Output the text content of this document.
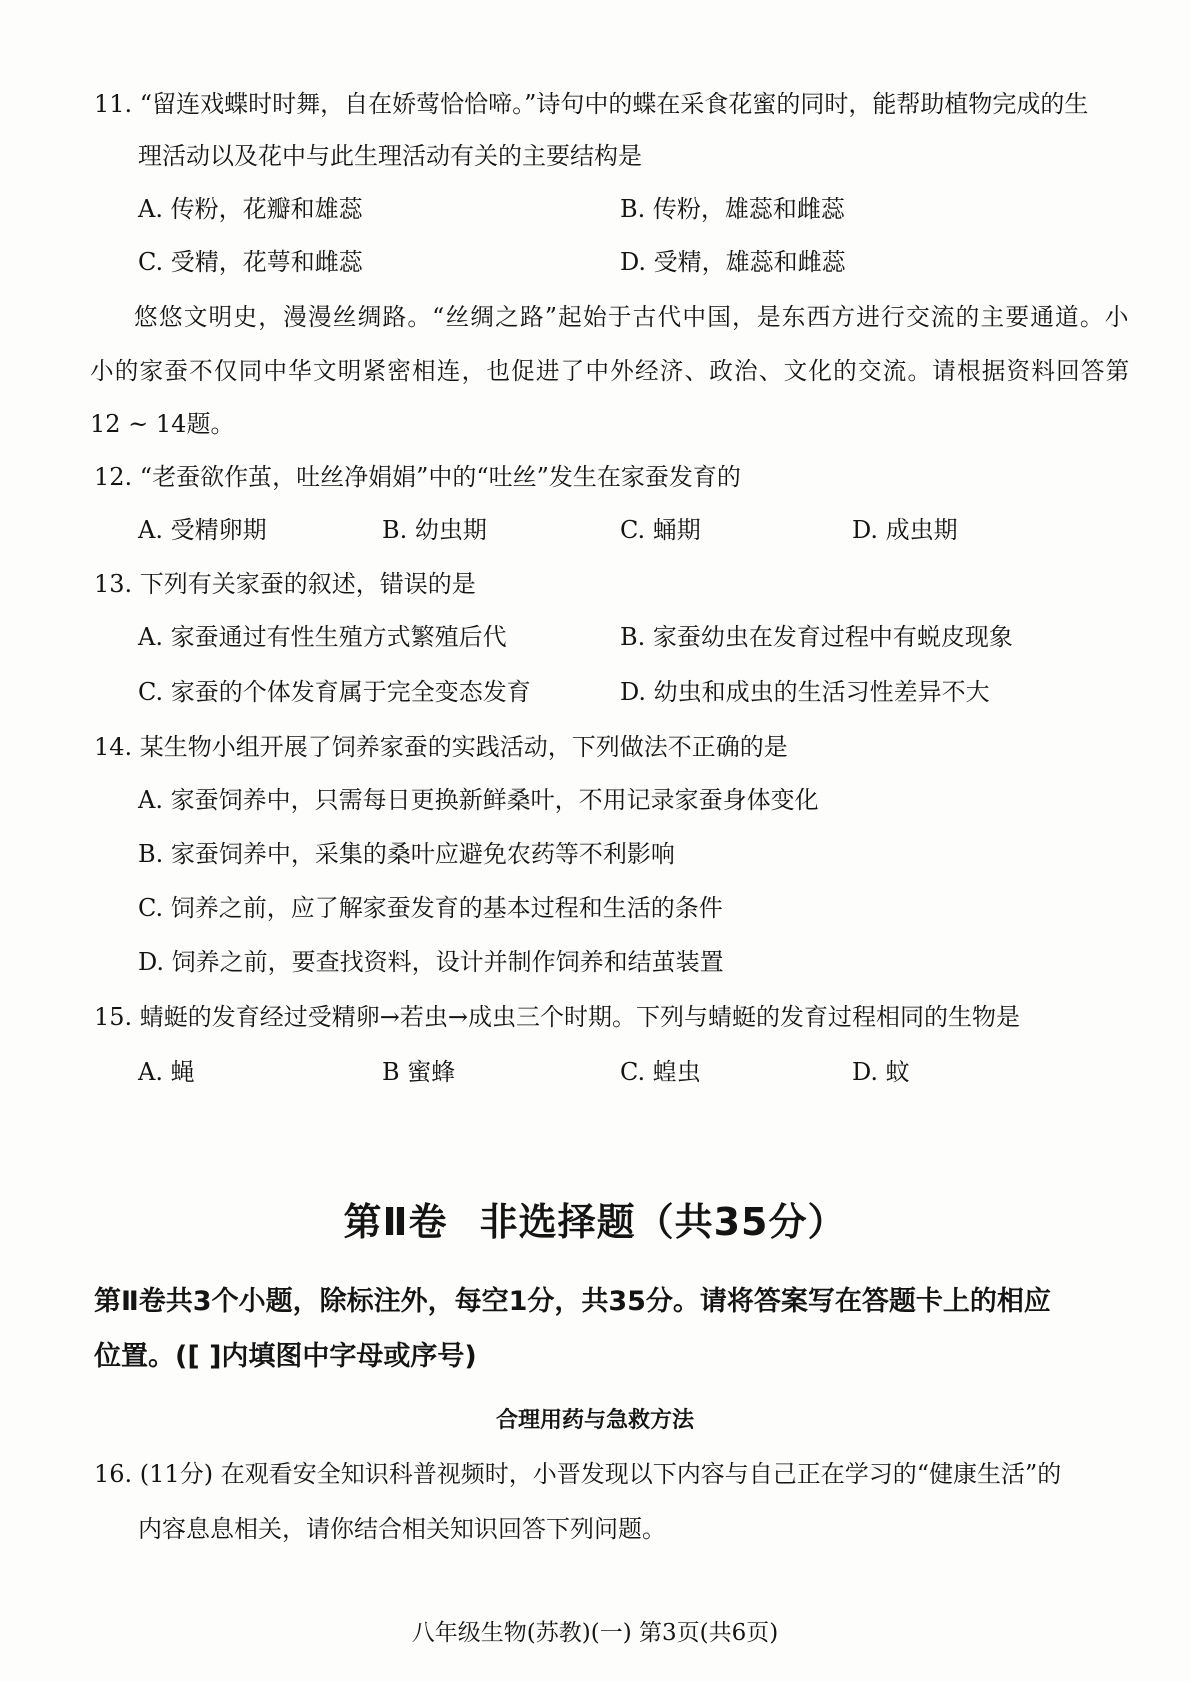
11. “留连戏蝶时时舞，自在娇莺恰恰啼。”诗句中的蝶在采食花蜜的同时，能帮助植物完成的生
理活动以及花中与此生理活动有关的主要结构是
A. 传粉，花瓣和雄蕊	B. 传粉，雄蕊和雌蕊
C. 受精，花萼和雌蕊	D. 受精，雄蕊和雌蕊
悠悠文明史，漫漫丝绸路。“丝绸之路”起始于古代中国，是东西方进行交流的主要通道。小
小的家蚕不仅同中华文明紧密相连，也促进了中外经济、政治、文化的交流。请根据资料回答第
12 ~ 14题。
12. “老蚕欲作茧，吐丝净娟娟”中的“吐丝”发生在家蚕发育的
A. 受精卵期	B. 幼虫期	C. 蛹期	D. 成虫期
13. 下列有关家蚕的叙述，错误的是
A. 家蚕通过有性生殖方式繁殖后代	B. 家蚕幼虫在发育过程中有蜕皮现象
C. 家蚕的个体发育属于完全变态发育	D. 幼虫和成虫的生活习性差异不大
14. 某生物小组开展了饲养家蚕的实践活动，下列做法不正确的是
A. 家蚕饲养中，只需每日更换新鲜桑叶，不用记录家蚕身体变化
B. 家蚕饲养中，采集的桑叶应避免农药等不利影响
C. 饲养之前，应了解家蚕发育的基本过程和生活的条件
D. 饲养之前，要查找资料，设计并制作饲养和结茧装置
15. 蜻蜓的发育经过受精卵→若虫→成虫三个时期。下列与蜻蜓的发育过程相同的生物是
A. 蝇	B 蜜蜂	C. 蝗虫	D. 蚊
第Ⅱ卷 非选择题（共35分）
第Ⅱ卷共3个小题，除标注外，每空1分，共35分。请将答案写在答题卡上的相应
位置。([ ]内填图中字母或序号)
合理用药与急救方法
16. (11分) 在观看安全知识科普视频时，小晋发现以下内容与自己正在学习的“健康生活”的
内容息息相关，请你结合相关知识回答下列问题。
八年级生物(苏教)(一) 第3页(共6页)
